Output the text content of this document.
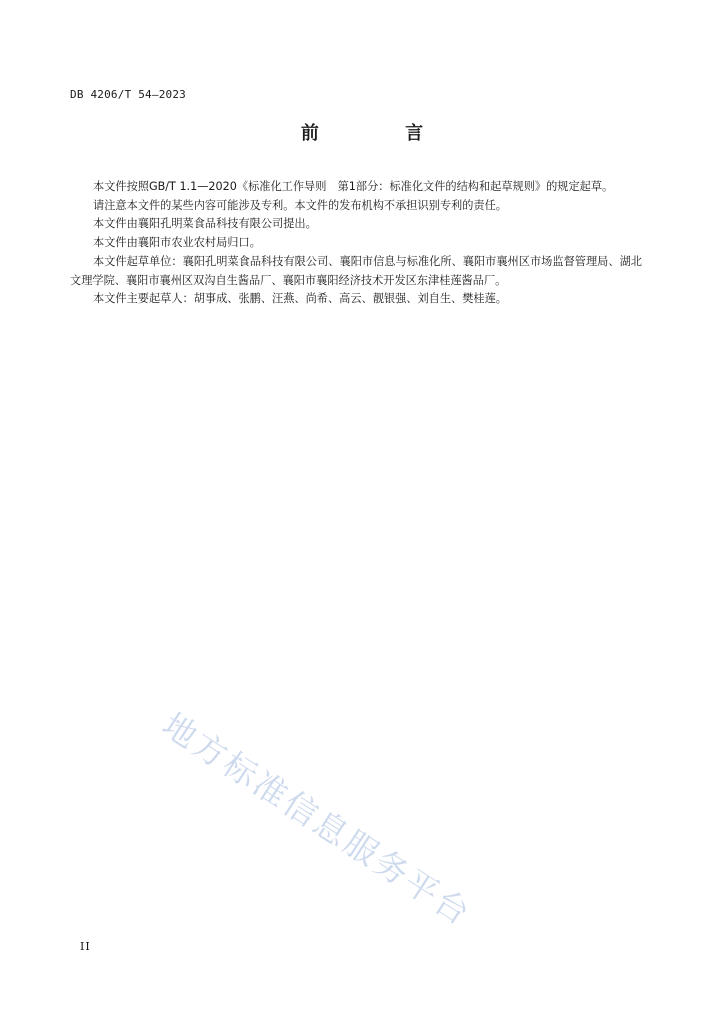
DB 4206/T 54—2023
前 言

本文件按照GB/T 1.1—2020《标准化工作导则　第1部分：标准化文件的结构和起草规则》的规定起草。

请注意本文件的某些内容可能涉及专利。本文件的发布机构不承担识别专利的责任。

本文件由襄阳孔明菜食品科技有限公司提出。

本文件由襄阳市农业农村局归口。

本文件起草单位：襄阳孔明菜食品科技有限公司、襄阳市信息与标准化所、襄阳市襄州区市场监督管理局、湖北文理学院、襄阳市襄州区双沟自生酱品厂、襄阳市襄阳经济技术开发区东津桂莲酱品厂。

本文件主要起草人：胡事成、张鹏、汪燕、尚希、高云、靓银强、刘自生、樊桂莲。

地方标准信息服务平台
II
